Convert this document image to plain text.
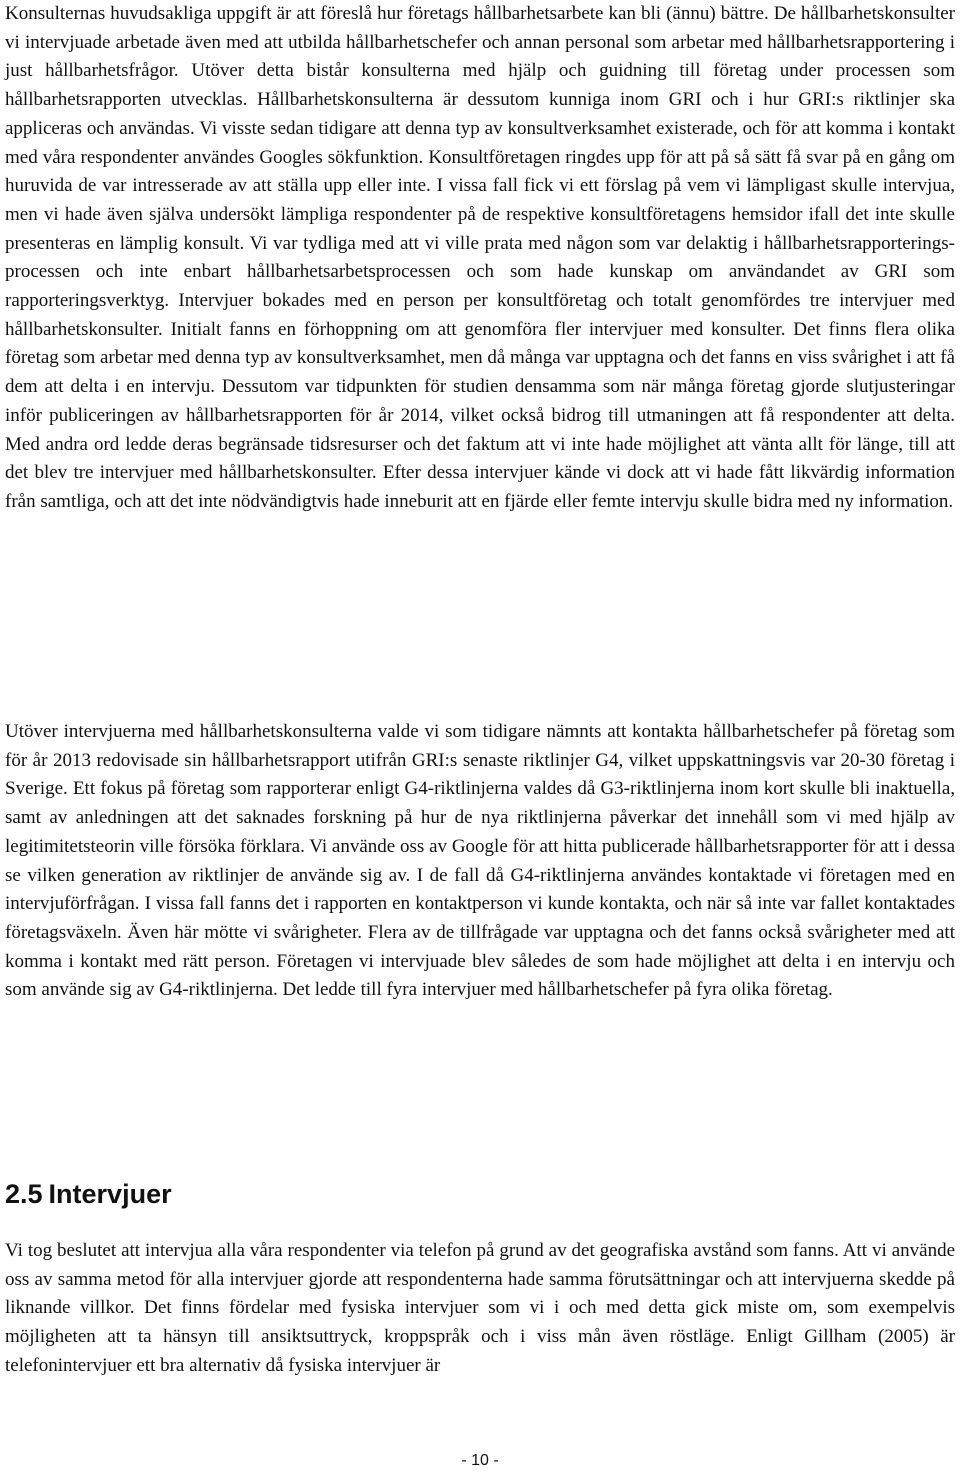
Konsulternas huvudsakliga uppgift är att föreslå hur företags hållbarhetsarbete kan bli (ännu) bättre. De hållbarhetskonsulter vi intervjuade arbetade även med att utbilda hållbarhetschefer och annan personal som arbetar med hållbarhetsrapportering i just hållbarhetsfrågor. Utöver detta bistår konsulterna med hjälp och guidning till företag under processen som hållbarhetsrapporten utvecklas. Hållbarhetskonsulterna är dessutom kunniga inom GRI och i hur GRI:s riktlinjer ska appliceras och användas. Vi visste sedan tidigare att denna typ av konsultverksamhet existerade, och för att komma i kontakt med våra respondenter användes Googles sökfunktion. Konsultföretagen ringdes upp för att på så sätt få svar på en gång om huruvida de var intresserade av att ställa upp eller inte. I vissa fall fick vi ett förslag på vem vi lämpligast skulle intervjua, men vi hade även själva undersökt lämpliga respondenter på de respektive konsultföretagens hemsidor ifall det inte skulle presenteras en lämplig konsult. Vi var tydliga med att vi ville prata med någon som var delaktig i hållbarhetsrapporterings-processen och inte enbart hållbarhetsarbetsprocessen och som hade kunskap om användandet av GRI som rapporteringsverktyg. Intervjuer bokades med en person per konsultföretag och totalt genomfördes tre intervjuer med hållbarhetskonsulter. Initialt fanns en förhoppning om att genomföra fler intervjuer med konsulter. Det finns flera olika företag som arbetar med denna typ av konsultverksamhet, men då många var upptagna och det fanns en viss svårighet i att få dem att delta i en intervju. Dessutom var tidpunkten för studien densamma som när många företag gjorde slutjusteringar inför publiceringen av hållbarhetsrapporten för år 2014, vilket också bidrog till utmaningen att få respondenter att delta. Med andra ord ledde deras begränsade tidsresurser och det faktum att vi inte hade möjlighet att vänta allt för länge, till att det blev tre intervjuer med hållbarhetskonsulter. Efter dessa intervjuer kände vi dock att vi hade fått likvärdig information från samtliga, och att det inte nödvändigtvis hade inneburit att en fjärde eller femte intervju skulle bidra med ny information.

Utöver intervjuerna med hållbarhetskonsulterna valde vi som tidigare nämnts att kontakta hållbarhetschefer på företag som för år 2013 redovisade sin hållbarhetsrapport utifrån GRI:s senaste riktlinjer G4, vilket uppskattningsvis var 20-30 företag i Sverige. Ett fokus på företag som rapporterar enligt G4-riktlinjerna valdes då G3-riktlinjerna inom kort skulle bli inaktuella, samt av anledningen att det saknades forskning på hur de nya riktlinjerna påverkar det innehåll som vi med hjälp av legitimitetsteorin ville försöka förklara. Vi använde oss av Google för att hitta publicerade hållbarhetsrapporter för att i dessa se vilken generation av riktlinjer de använde sig av. I de fall då G4-riktlinjerna användes kontaktade vi företagen med en intervjuförfrågan. I vissa fall fanns det i rapporten en kontaktperson vi kunde kontakta, och när så inte var fallet kontaktades företagsväxeln. Även här mötte vi svårigheter. Flera av de tillfrågade var upptagna och det fanns också svårigheter med att komma i kontakt med rätt person. Företagen vi intervjuade blev således de som hade möjlighet att delta i en intervju och som använde sig av G4-riktlinjerna. Det ledde till fyra intervjuer med hållbarhetschefer på fyra olika företag.

2.5 Intervjuer

Vi tog beslutet att intervjua alla våra respondenter via telefon på grund av det geografiska avstånd som fanns. Att vi använde oss av samma metod för alla intervjuer gjorde att respondenterna hade samma förutsättningar och att intervjuerna skedde på liknande villkor. Det finns fördelar med fysiska intervjuer som vi i och med detta gick miste om, som exempelvis möjligheten att ta hänsyn till ansiktsuttryck, kroppspråk och i viss mån även röstläge. Enligt Gillham (2005) är telefonintervjuer ett bra alternativ då fysiska intervjuer är

- 10 -
